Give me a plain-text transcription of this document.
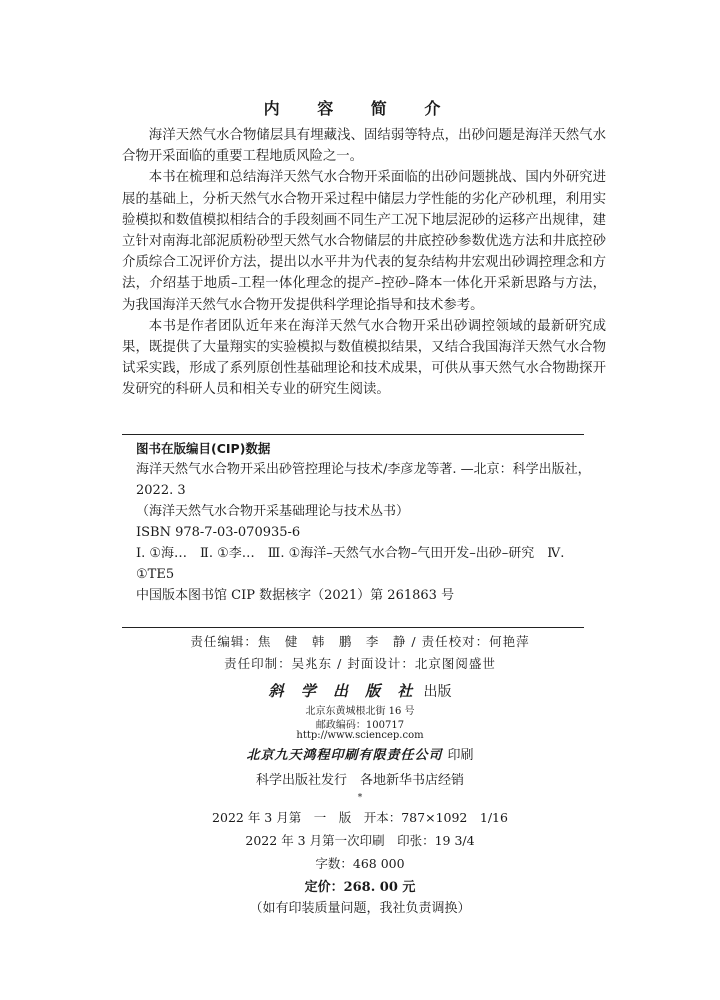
内 容 简 介

海洋天然气水合物储层具有埋藏浅、固结弱等特点，出砂问题是海洋天然气水合物开采面临的重要工程地质风险之一。

本书在梳理和总结海洋天然气水合物开采面临的出砂问题挑战、国内外研究进展的基础上，分析天然气水合物开采过程中储层力学性能的劣化产砂机理，利用实验模拟和数值模拟相结合的手段刻画不同生产工况下地层泥砂的运移产出规律，建立针对南海北部泥质粉砂型天然气水合物储层的井底控砂参数优选方法和井底控砂介质综合工况评价方法，提出以水平井为代表的复杂结构井宏观出砂调控理念和方法，介绍基于地质–工程一体化理念的提产–控砂–降本一体化开采新思路与方法，为我国海洋天然气水合物开发提供科学理论指导和技术参考。

本书是作者团队近年来在海洋天然气水合物开采出砂调控领域的最新研究成果，既提供了大量翔实的实验模拟与数值模拟结果，又结合我国海洋天然气水合物试采实践，形成了系列原创性基础理论和技术成果，可供从事天然气水合物勘探开发研究的科研人员和相关专业的研究生阅读。

图书在版编目(CIP)数据
海洋天然气水合物开采出砂管控理论与技术/李彦龙等著. —北京：科学出版社，2022. 3
（海洋天然气水合物开采基础理论与技术丛书）
ISBN 978-7-03-070935-6
Ⅰ. ①海…　Ⅱ. ①李…　Ⅲ. ①海洋–天然气水合物–气田开发–出砂–研究　Ⅳ. ①TE5
中国版本图书馆 CIP 数据核字（2021）第 261863 号
责任编辑：焦　健　韩　鹏　李　静 / 责任校对：何艳萍
责任印制：吴兆东 / 封面设计：北京图阅盛世
斜 学 出 版 社 出版
北京东黄城根北街 16 号
邮政编码：100717
http://www.sciencep.com
北京九天鸿程印刷有限责任公司 印刷
科学出版社发行　各地新华书店经销
*
2022 年 3 月第　一　版　开本：787×1092　1/16
2022 年 3 月第一次印刷　印张：19 3/4
字数：468 000
定价：268. 00 元
（如有印装质量问题，我社负责调换）
